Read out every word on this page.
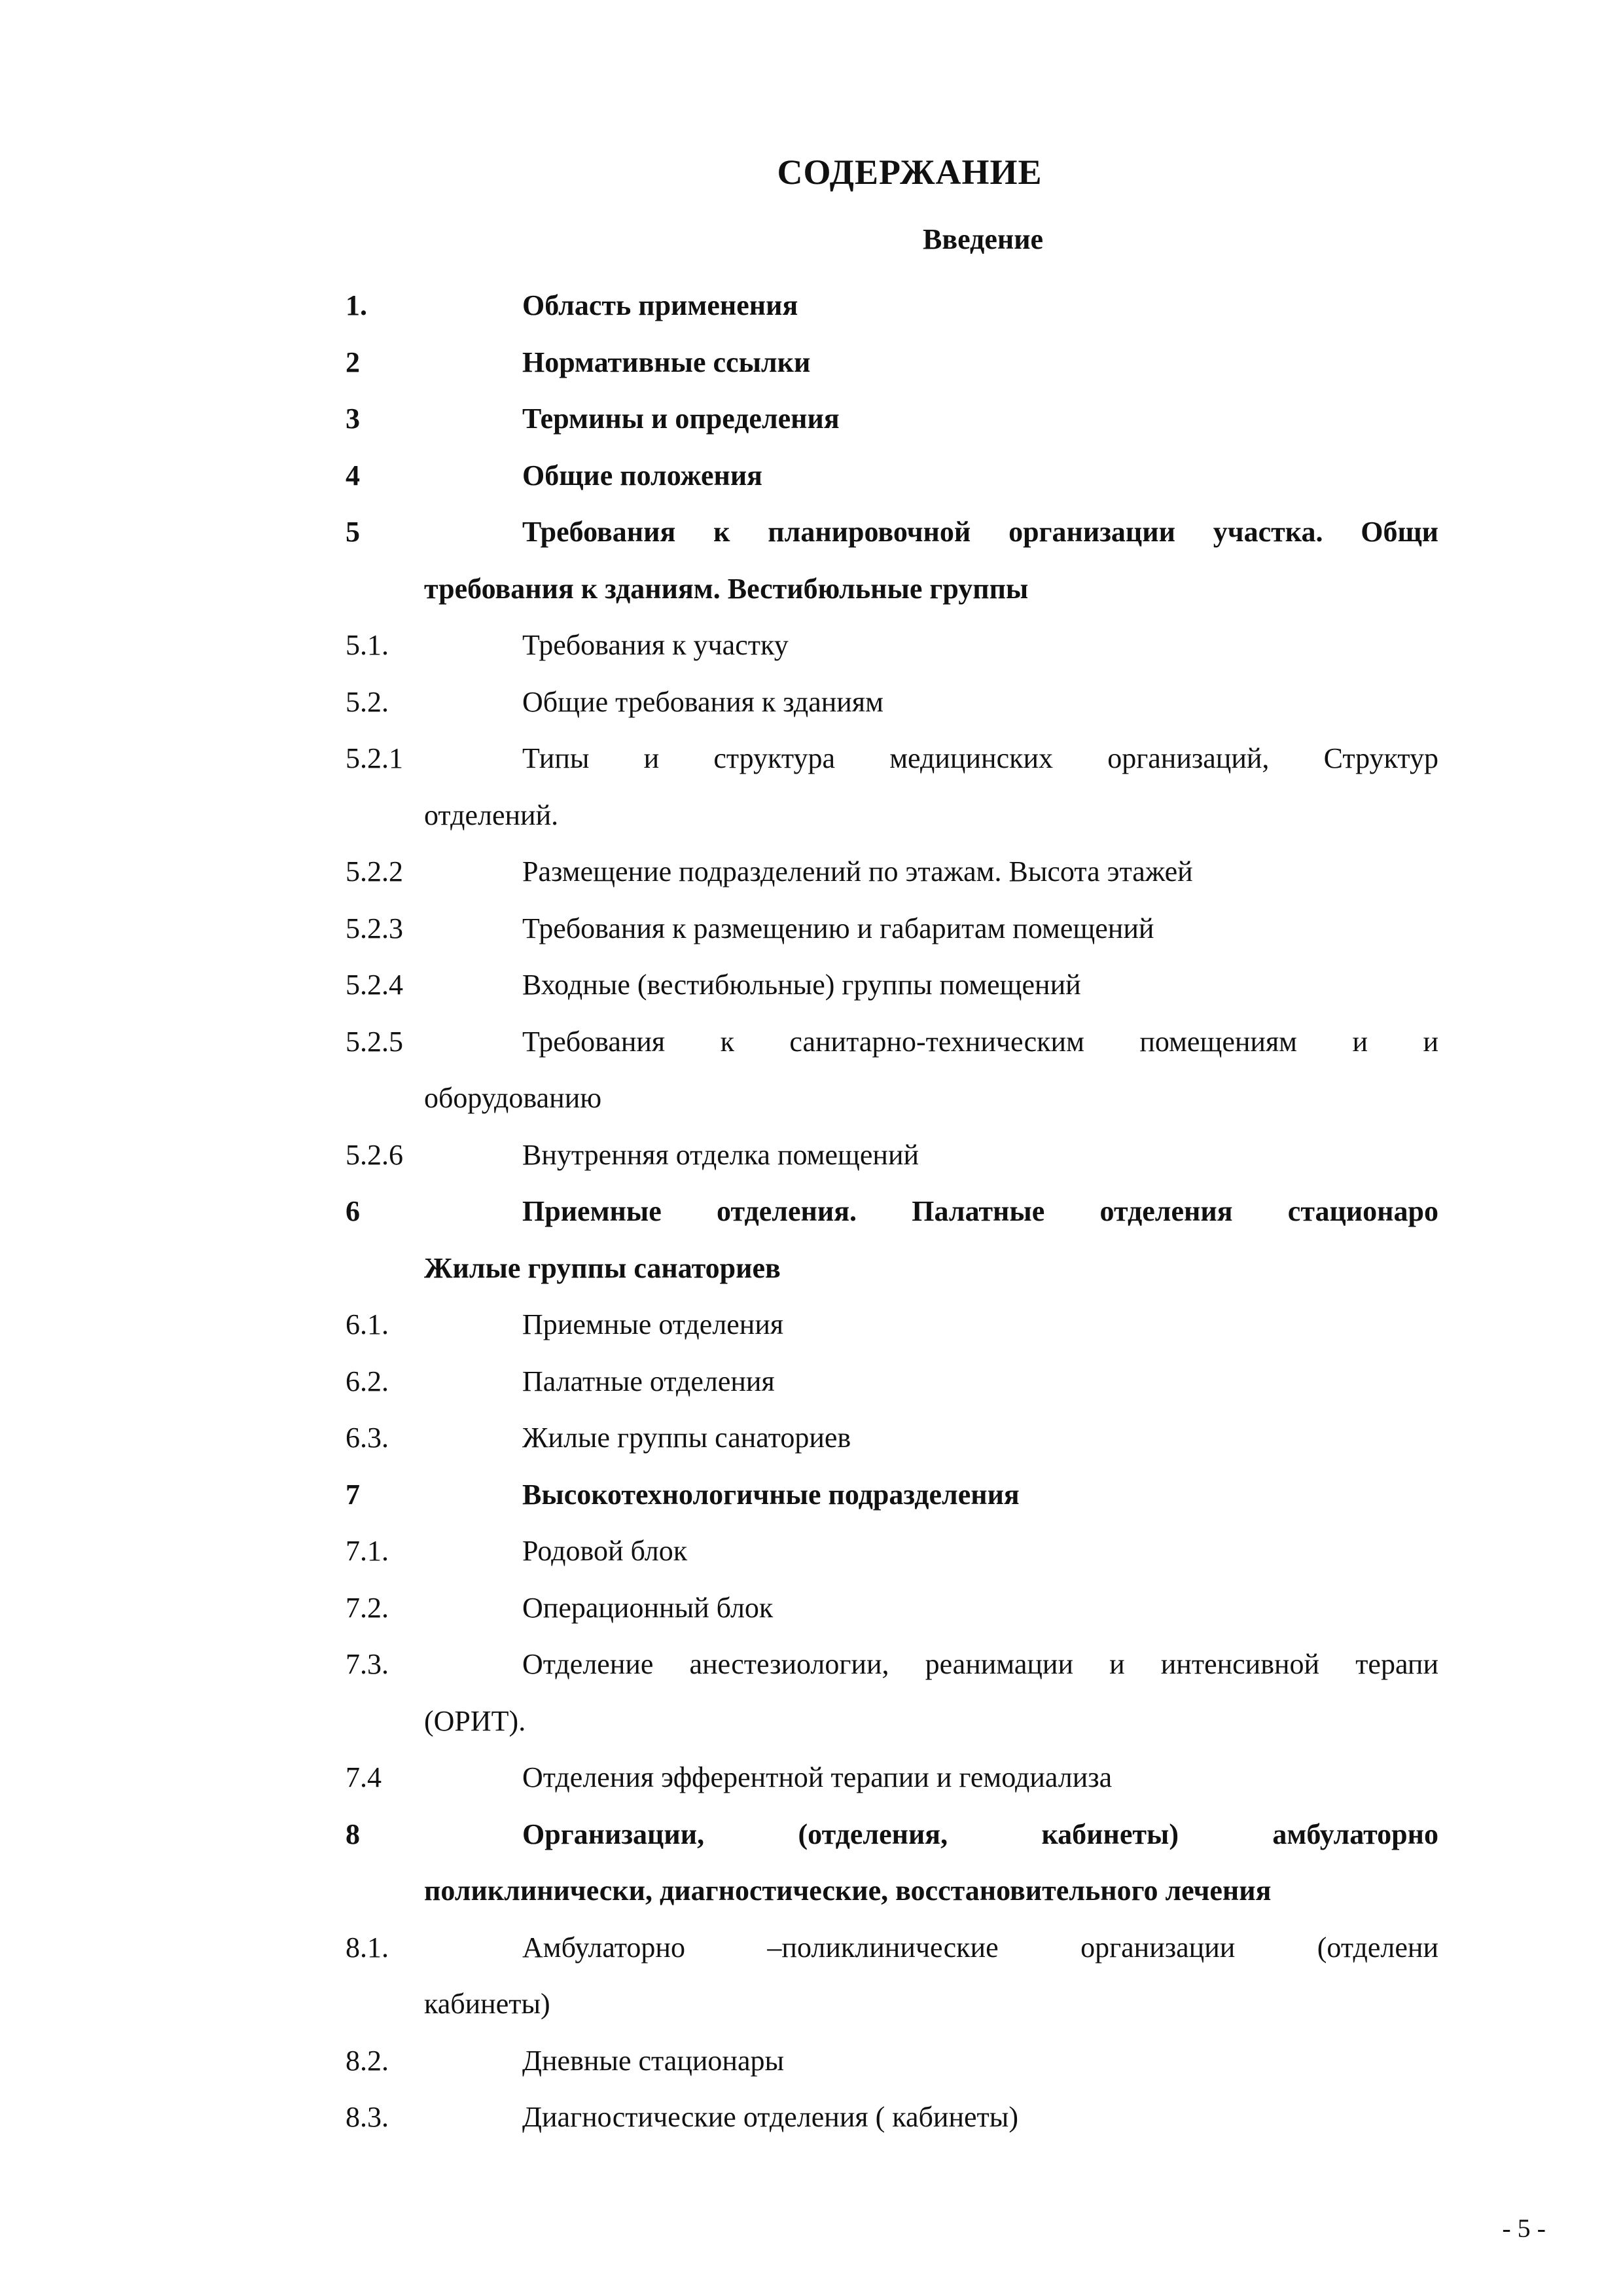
СОДЕРЖАНИЕ
Введение
1.	Область применения
2	Нормативные ссылки
3	Термины и определения
4	Общие положения
5	Требования к планировочной организации участка. Общи
требования к зданиям. Вестибюльные группы
5.1.	Требования к участку
5.2.	Общие требования к зданиям
5.2.1	Типы и структура медицинских организаций, Структур
отделений.
5.2.2	Размещение подразделений по этажам. Высота этажей
5.2.3	Требования к размещению и габаритам помещений
5.2.4	Входные (вестибюльные) группы помещений
5.2.5	Требования к санитарно-техническим помещениям и и
оборудованию
5.2.6	Внутренняя отделка помещений
6	Приемные отделения. Палатные отделения стационаро
Жилые группы санаториев
6.1.	Приемные отделения
6.2.	Палатные отделения
6.3.	Жилые группы санаториев
7	Высокотехнологичные подразделения
7.1.	Родовой блок
7.2.	Операционный блок
7.3.	Отделение анестезиологии, реанимации и интенсивной терапи
(ОРИТ).
7.4	Отделения эфферентной терапии и гемодиализа
8	Организации, (отделения, кабинеты) амбулаторно
поликлинически, диагностические, восстановительного лечения
8.1.	Амбулаторно –поликлинические организации (отделени
кабинеты)
8.2.	Дневные стационары
8.3.	Диагностические отделения ( кабинеты)
- 5 -
